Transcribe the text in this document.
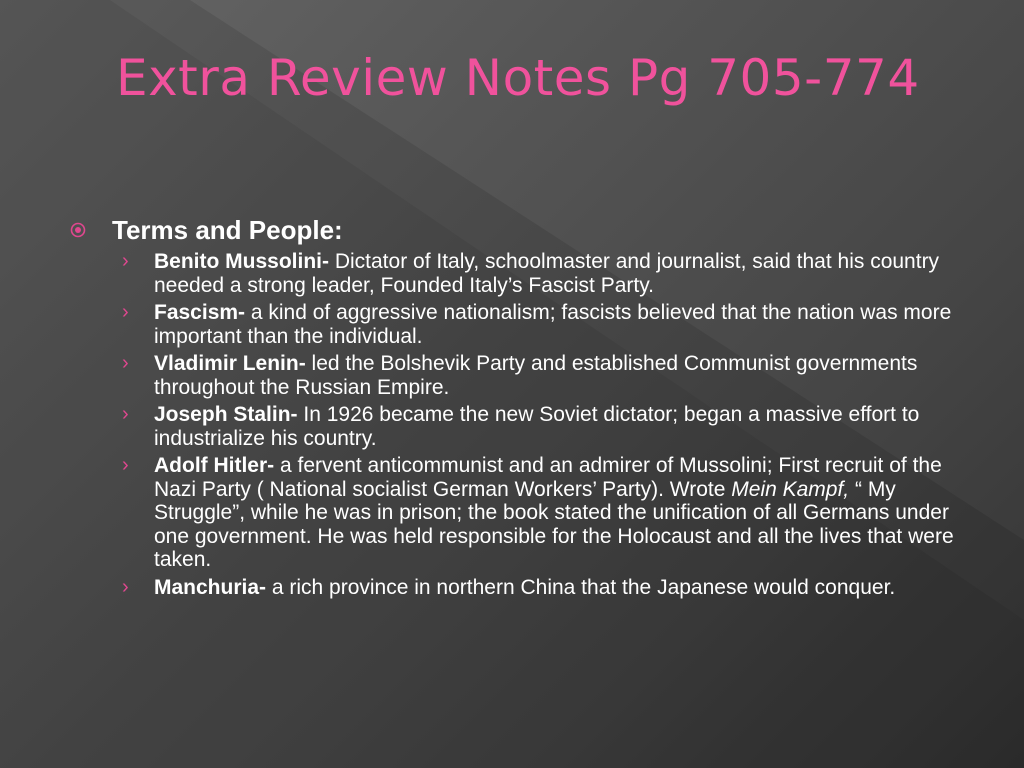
Extra Review Notes Pg 705-774
Terms and People:
› Benito Mussolini- Dictator of Italy, schoolmaster and journalist, said that his country needed a strong leader, Founded Italy’s Fascist Party.
› Fascism- a kind of aggressive nationalism; fascists believed that the nation was more important than the individual.
› Vladimir Lenin- led the Bolshevik Party and established Communist governments throughout the Russian Empire.
› Joseph Stalin- In 1926 became the new Soviet dictator; began a massive effort to industrialize his country.
› Adolf Hitler- a fervent anticommunist and an admirer of Mussolini; First recruit of the Nazi Party ( National socialist German Workers’ Party). Wrote Mein Kampf, “ My Struggle”, while he was in prison; the book stated the unification of all Germans under one government. He was held responsible for the Holocaust and all the lives that were taken.
› Manchuria- a rich province in northern China that the Japanese would conquer.
